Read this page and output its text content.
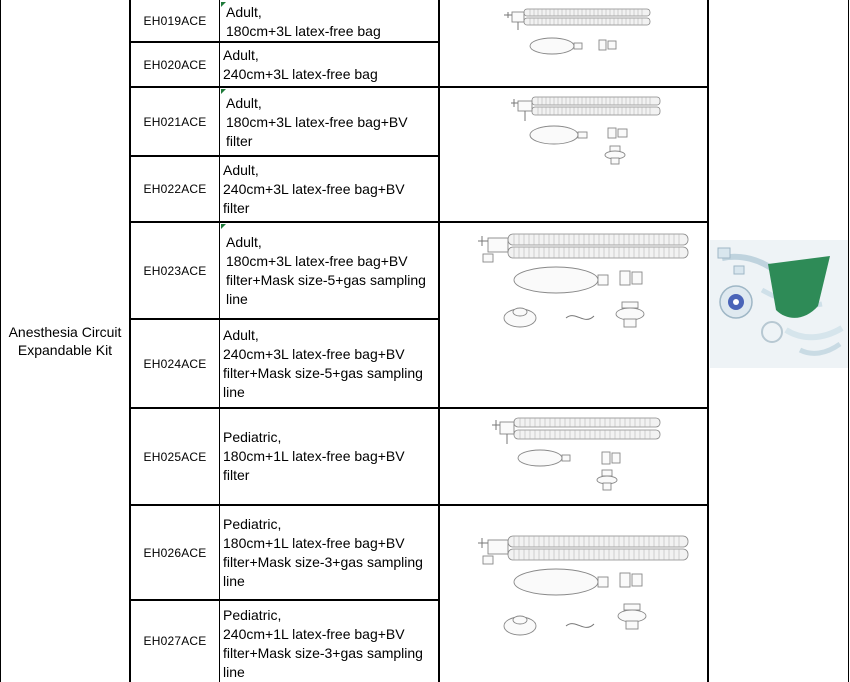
Anesthesia Circuit
Expandable Kit
EH019ACE
EH020ACE
EH021ACE
EH022ACE
EH023ACE
EH024ACE
EH025ACE
EH026ACE
EH027ACE
Adult,
180cm+3L latex-free bag
Adult,
240cm+3L latex-free bag
Adult,
180cm+3L latex-free bag+BV
filter
Adult,
240cm+3L latex-free bag+BV
filter
Adult,
180cm+3L latex-free bag+BV
filter+Mask size-5+gas sampling
line
Adult,
240cm+3L latex-free bag+BV
filter+Mask size-5+gas sampling
line
Pediatric,
180cm+1L latex-free bag+BV
filter
Pediatric,
180cm+1L latex-free bag+BV
filter+Mask size-3+gas sampling
line
Pediatric,
240cm+1L latex-free bag+BV
filter+Mask size-3+gas sampling
line
